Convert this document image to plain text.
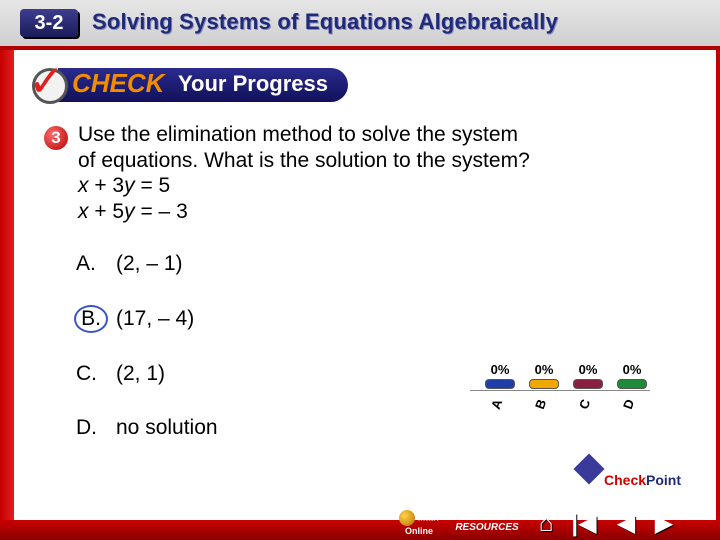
3-2	Solving Systems of Equations Algebraically
✓ CHECK Your Progress
3 Use the elimination method to solve the system
of equations. What is the solution to the system?
x + 3y = 5
x + 5y = – 3
A. (2, – 1)
B. (17, – 4)
C. (2, 1)
D. no solution
0%	0%	0%	0%
A B C D
CheckPoint
Math Online
Chapter
RESOURCES ⌂ |◀ ◀ ▶
